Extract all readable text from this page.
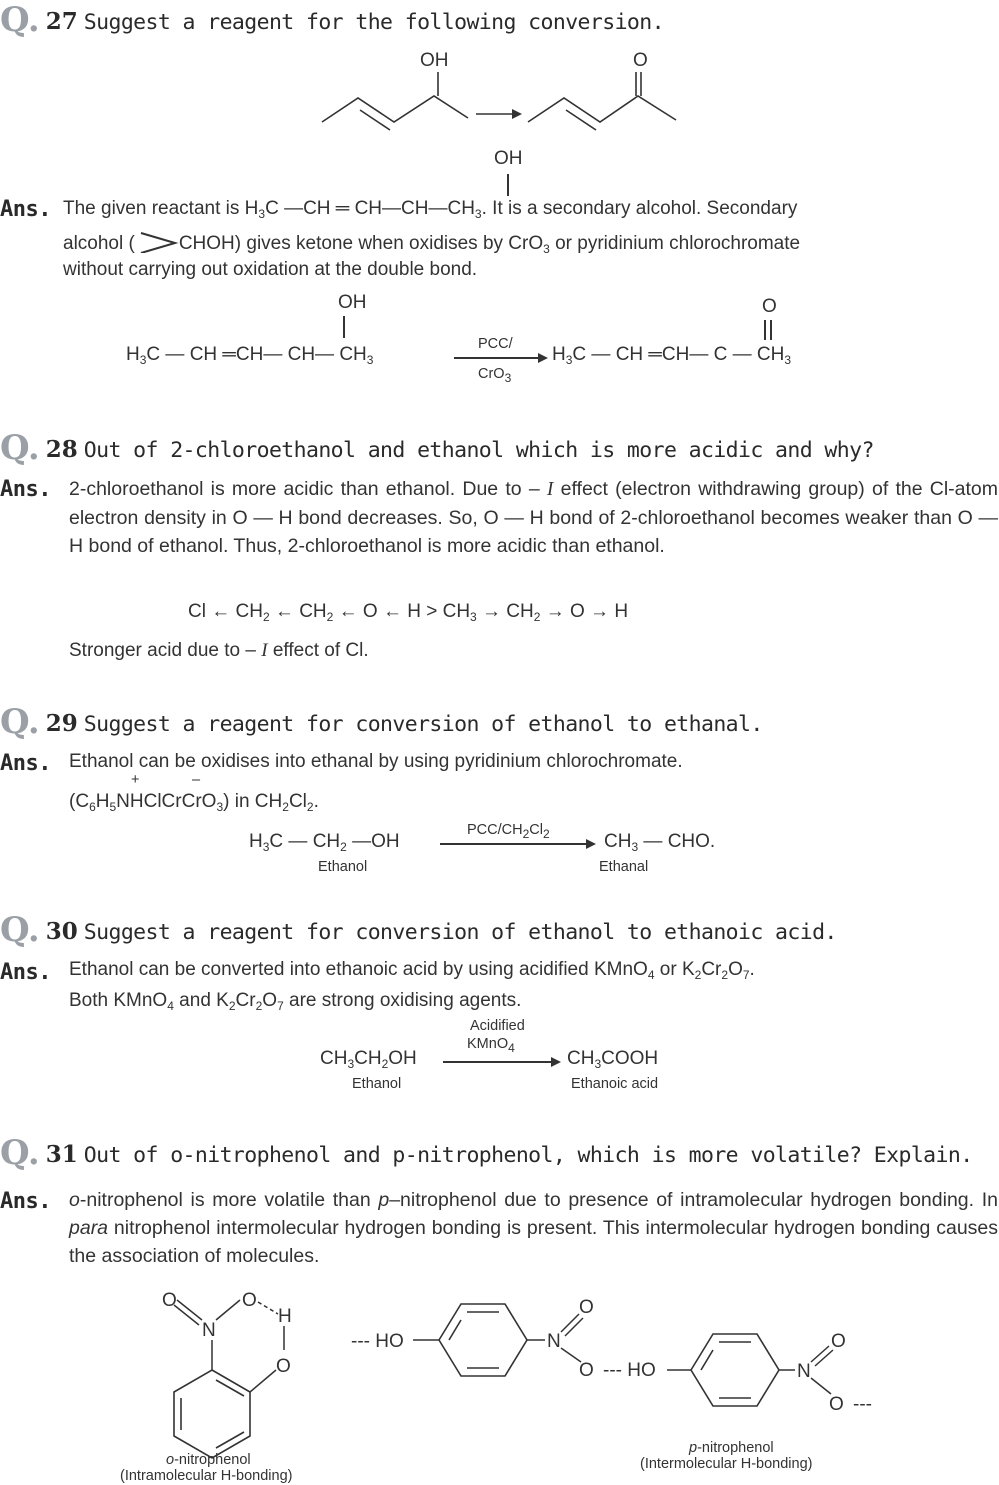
Q. 27 Suggest a reagent for the following conversion.
OH	O
OH
Ans. The given reactant is $H_3C$ —CH ═ $CH—CH—CH_3$. It is a secondary alcohol. Secondary
alcohol ( CHOH) gives ketone when oxidises by CrO$_3$ or pyridinium chlorochromate
without carrying out oxidation at the double bond.
OH	O
$H_3C$ — CH ═CH— CH— $CH_3$
PCC/
CrO$_3$
$H_3C$ — CH ═CH— C — $CH_3$
Q. 28 Out of 2-chloroethanol and ethanol which is more acidic and why?
Ans. 2-chloroethanol is more acidic than ethanol. Due to – I effect (electron withdrawing group) of the Cl-atom electron density in O — H bond decreases. So, O — H bond of 2-chloroethanol becomes weaker than O — H bond of ethanol. Thus, 2-chloroethanol is more acidic than ethanol.
Cl ← $CH_2$ ← $CH_2$ ← O ← $H > CH_3 \to CH_2 \to O \to H$
Stronger acid due to – I effect of Cl.
Q. 29 Suggest a reagent for conversion of ethanol to ethanal.
Ans. Ethanol can be oxidises into ethanal by using pyridinium chlorochromate.
+	–
$(C_6H_5NHClCrCrO_3)$ in $CH_2Cl_2$.
$H_3C$ — $CH_2$ —OH
PCC/$CH_2Cl_2$	$CH_3$ — CHO.
Ethanol	Ethanal
Q. 30 Suggest a reagent for conversion of ethanol to ethanoic acid.
Ans. Ethanol can be converted into ethanoic acid by using acidified KMnO$_4$ or $K_2Cr_2O_7$.
Both KMnO$_4$ and $K_2Cr_2O_7$ are strong oxidising agents.
Acidified
KMnO$_4$
$CH_3CH_2OH$	$CH_3COOH$
Ethanol	Ethanoic acid
Q. 31 Out of o-nitrophenol and p-nitrophenol, which is more volatile? Explain.
Ans. o-nitrophenol is more volatile than p–nitrophenol due to presence of intramolecular hydrogen bonding. In para nitrophenol intermolecular hydrogen bonding is present. This intermolecular hydrogen bonding causes the association of molecules.
O
N
O
H
O
o-nitrophenol
(Intramolecular H-bonding)
--- HO	N
O
O --- HO	N
O
O ---
p-nitrophenol
(Intermolecular H-bonding)
